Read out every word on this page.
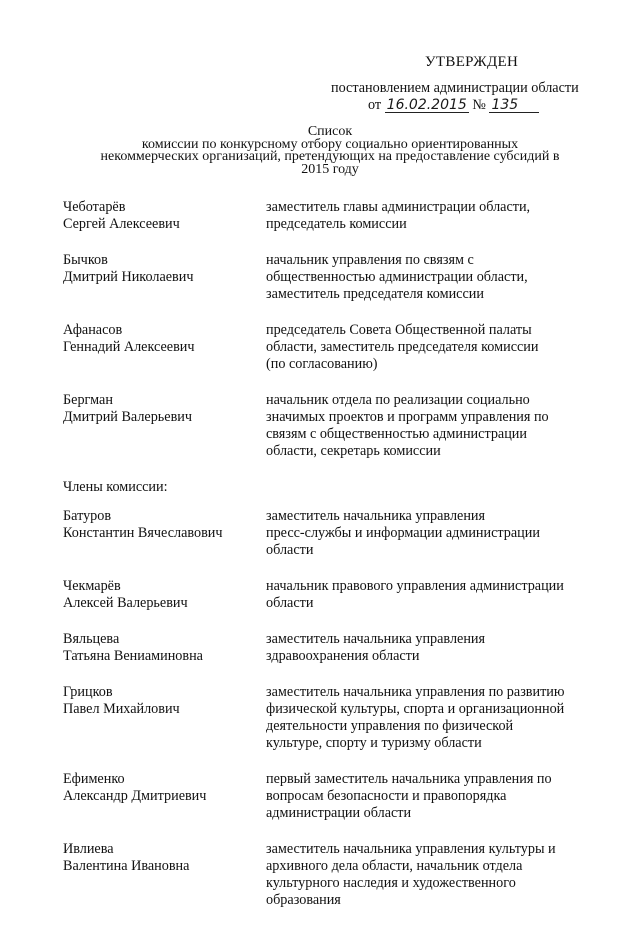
УТВЕРЖДЕН
постановлением администрации области
от 16.02.2015 № 135
Список
комиссии по конкурсному отбору социально ориентированных
некоммерческих организаций, претендующих на предоставление субсидий в
2015 году
Чеботарёв
Сергей Алексеевич
заместитель главы администрации области,
председатель комиссии
Бычков
Дмитрий Николаевич
начальник управления по связям с
общественностью администрации области,
заместитель председателя комиссии
Афанасов
Геннадий Алексеевич
председатель Совета Общественной палаты
области, заместитель председателя комиссии
(по согласованию)
Бергман
Дмитрий Валерьевич
начальник отдела по реализации социально
значимых проектов и программ управления по
связям с общественностью администрации
области, секретарь комиссии
Члены комиссии:
Батуров
Константин Вячеславович
заместитель начальника управления
пресс-службы и информации администрации
области
Чекмарёв
Алексей Валерьевич
начальник правового управления администрации
области
Вяльцева
Татьяна Вениаминовна
заместитель начальника управления
здравоохранения области
Грицков
Павел Михайлович
заместитель начальника управления по развитию
физической культуры, спорта и организационной
деятельности управления по физической
культуре, спорту и туризму области
Ефименко
Александр Дмитриевич
первый заместитель начальника управления по
вопросам безопасности и правопорядка
администрации области
Ивлиева
Валентина Ивановна
заместитель начальника управления культуры и
архивного дела области, начальник отдела
культурного наследия и художественного
образования
